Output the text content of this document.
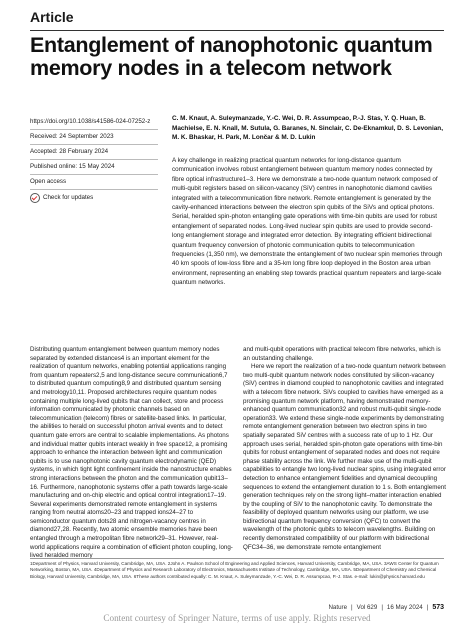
Article
Entanglement of nanophotonic quantum memory nodes in a telecom network
https://doi.org/10.1038/s41586-024-07252-z
Received: 24 September 2023
Accepted: 28 February 2024
Published online: 15 May 2024
Open access
Check for updates
C. M. Knaut, A. Suleymanzade, Y.-C. Wei, D. R. Assumpcao, P.-J. Stas, Y. Q. Huan, B. Machielse, E. N. Knall, M. Sutula, G. Baranes, N. Sinclair, C. De-Eknamkul, D. S. Levonian, M. K. Bhaskar, H. Park, M. Lončar & M. D. Lukin
A key challenge in realizing practical quantum networks for long-distance quantum communication involves robust entanglement between quantum memory nodes connected by fibre optical infrastructure1–3. Here we demonstrate a two-node quantum network composed of multi-qubit registers based on silicon-vacancy (SiV) centres in nanophotonic diamond cavities integrated with a telecommunication fibre network. Remote entanglement is generated by the cavity-enhanced interactions between the electron spin qubits of the SiVs and optical photons. Serial, heralded spin-photon entangling gate operations with time-bin qubits are used for robust entanglement of separated nodes. Long-lived nuclear spin qubits are used to provide second-long entanglement storage and integrated error detection. By integrating efficient bidirectional quantum frequency conversion of photonic communication qubits to telecommunication frequencies (1,350 nm), we demonstrate the entanglement of two nuclear spin memories through 40 km spools of low-loss fibre and a 35-km long fibre loop deployed in the Boston area urban environment, representing an enabling step towards practical quantum repeaters and large-scale quantum networks.

Distributing quantum entanglement between quantum memory nodes separated by extended distances4 is an important element for the realization of quantum networks, enabling potential applications ranging from quantum repeaters2,5 and long-distance secure communication6,7 to distributed quantum computing8,9 and distributed quantum sensing and metrology10,11. Proposed architectures require quantum nodes containing multiple long-lived qubits that can collect, store and process information communicated by photonic channels based on telecommunication (telecom) fibres or satellite-based links. In particular, the abilities to herald on successful photon arrival events and to detect quantum gate errors are central to scalable implementations. As photons and individual matter qubits interact weakly in free space12, a promising approach to enhance the interaction between light and communication qubits is to use nanophotonic cavity quantum electrodynamic (QED) systems, in which tight light confinement inside the nanostructure enables strong interactions between the photon and the communication qubit13–16. Furthermore, nanophotonic systems offer a path towards large-scale manufacturing and on-chip electric and optical control integration17–19. Several experiments demonstrated remote entanglement in systems ranging from neutral atoms20–23 and trapped ions24–27 to semiconductor quantum dots28 and nitrogen-vacancy centres in diamond27,28. Recently, two atomic ensemble memories have been entangled through a metropolitan fibre network29–31. However, real-world applications require a combination of efficient photon coupling, long-lived heralded memory

and multi-qubit operations with practical telecom fibre networks, which is an outstanding challenge.

Here we report the realization of a two-node quantum network between two multi-qubit quantum network nodes constituted by silicon-vacancy (SiV) centres in diamond coupled to nanophotonic cavities and integrated with a telecom fibre network. SiVs coupled to cavities have emerged as a promising quantum network platform, having demonstrated memory-enhanced quantum communication32 and robust multi-qubit single-node operation33. We extend these single-node experiments by demonstrating remote entanglement generation between two electron spins in two spatially separated SiV centres with a success rate of up to 1 Hz. Our approach uses serial, heralded spin-photon gate operations with time-bin qubits for robust entanglement of separated nodes and does not require phase stability across the link. We further make use of the multi-qubit capabilities to entangle two long-lived nuclear spins, using integrated error detection to enhance entanglement fidelities and dynamical decoupling sequences to extend the entanglement duration to 1 s. Both entanglement generation techniques rely on the strong light–matter interaction enabled by the coupling of SiV to the nanophotonic cavity. To demonstrate the feasibility of deployed quantum networks using our platform, we use bidirectional quantum frequency conversion (QFC) to convert the wavelength of the photonic qubits to telecom wavelengths. Building on recently demonstrated compatibility of our platform with bidirectional QFC34–36, we demonstrate remote entanglement

1Department of Physics, Harvard University, Cambridge, MA, USA. 2John A. Paulson School of Engineering and Applied Sciences, Harvard University, Cambridge, MA, USA. 3AWS Center for Quantum Networking, Boston, MA, USA. 4Department of Physics and Research Laboratory of Electronics, Massachusetts Institute of Technology, Cambridge, MA, USA. 5Department of Chemistry and Chemical Biology, Harvard University, Cambridge, MA, USA. 6These authors contributed equally: C. M. Knaut, A. Suleymanzade, Y.-C. Wei, D. R. Assumpcao, P.-J. Stas. e-mail: lukin@physics.harvard.edu
Nature | Vol 629 | 16 May 2024 | 573
Content courtesy of Springer Nature, terms of use apply. Rights reserved
